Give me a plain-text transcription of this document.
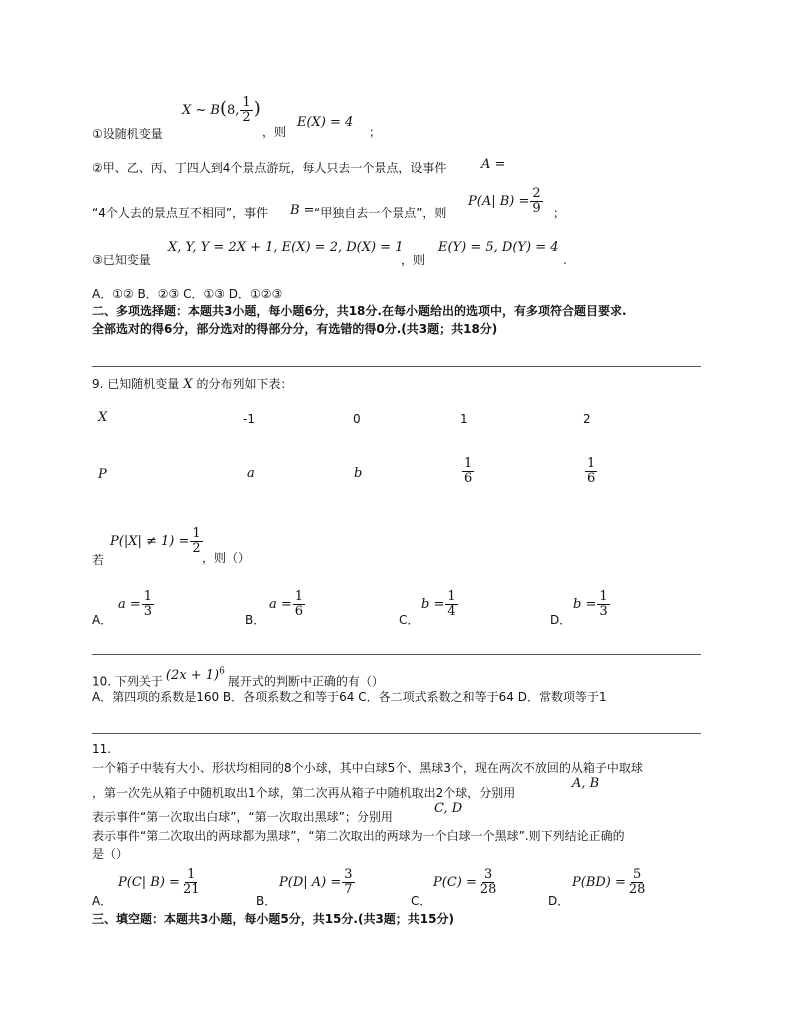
X ~ B(8, $\frac{1}{2}$ )
①设随机变量	，则
E(X) = 4
；
②甲、乙、丙、丁四人到4个景点游玩，每人只去一个景点，设事件	A =
P(A| $B) = \frac{2}{9}$
“4个人去的景点互不相同”，事件 B = “甲独自去一个景点”，则	；
③已知变量
X, Y, Y = 2X + 1, E(X) = 2, D(X) = 1
，则
E(Y) = 5, D(Y) = 4
.
A．①② B．②③ C．①③ D．①②③
二、多项选择题：本题共3小题，每小题6分，共18分.在每小题给出的选项中，有多项符合题目要求.
全部选对的得6分，部分选对的得部分分，有选错的得0分.(共3题；共18分)
9. 已知随机变量 X 的分布列如下表：
X	-1	0	1	2
P	a	b	$\frac{1}{6}$	$\frac{1}{6}$
$P(|X| \ne 1) = \frac{1}{2}$
若	，则（）
A．
$a = \frac{1}{3}$
B．
$a = \frac{1}{6}$
C．
$b = \frac{1}{4}$
D．
$b = \frac{1}{3}$
10. 下列关于 $(2x + 1)^6$展开式的判断中正确的有（）
A．第四项的系数是160 B．各项系数之和等于64 C．各二项式系数之和等于64 D．常数项等于1
11.
一个箱子中装有大小、形状均相同的8个小球，其中白球5个、黑球3个，现在两次不放回的从箱子中取球
，第一次先从箱子中随机取出1个球，第二次再从箱子中随机取出2个球，分别用
A, B
表示事件“第一次取出白球”，“第一次取出黑球”；分别用
C, D
表示事件“第二次取出的两球都为黑球”，“第二次取出的两球为一个白球一个黑球”.则下列结论正确的
是（）
A．
P(C| $B) = \frac{1}{21}$
B．
P(D| $A) = \frac{3}{7}$
C．
$P(C) = \frac{3}{28}$
D．
$P(BD) = \frac{5}{28}$
三、填空题：本题共3小题，每小题5分，共15分.(共3题；共15分)
